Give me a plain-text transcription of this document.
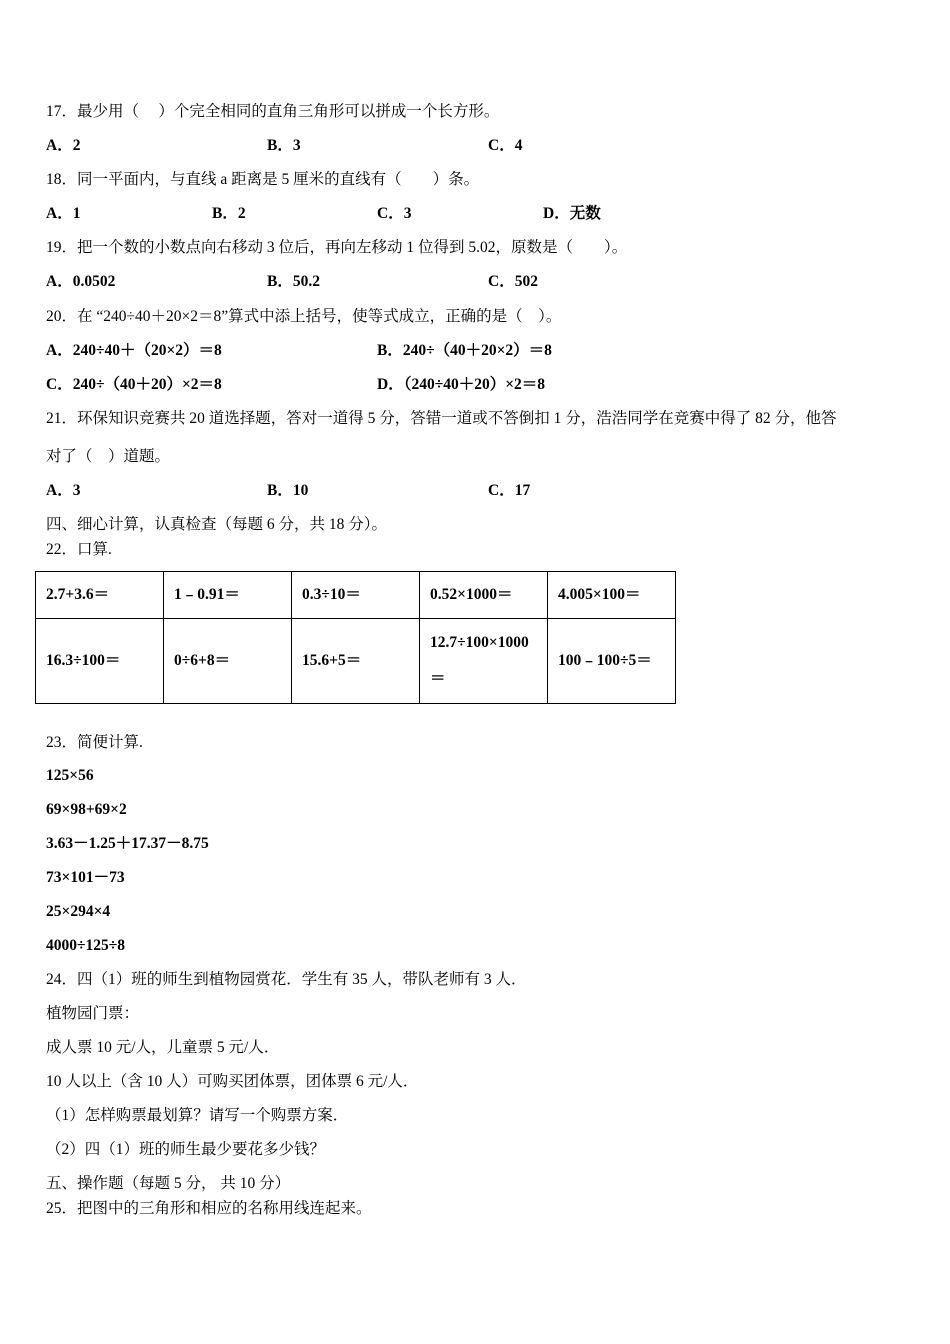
17．最少用（　 ）个完全相同的直角三角形可以拼成一个长方形。
A．2	B．3	C．4
18．同一平面内，与直线 a 距离是 5 厘米的直线有（　　）条。
A．1	B．2	C．3	D．无数
19．把一个数的小数点向右移动 3 位后，再向左移动 1 位得到 5.02，原数是（　　）。
A．0.0502	B．50.2	C．502
20．在 “240÷40＋20×2＝8”算式中添上括号，使等式成立，正确的是（　）。
A．240÷40＋（20×2）＝8	B．240÷（40＋20×2）＝8
C．240÷（40＋20）×2＝8	D．（240÷40＋20）×2＝8
21．环保知识竞赛共 20 道选择题，答对一道得 5 分，答错一道或不答倒扣 1 分，浩浩同学在竞赛中得了 82 分，他答
对了（　）道题。
A．3	B．10	C．17
四、细心计算，认真检查（每题 6 分，共 18 分）。
22．口算.
2.7+3.6＝	1﹣0.91＝	0.3÷10＝	0.52×1000＝	4.005×100＝
16.3÷100＝	0÷6+8＝	15.6+5＝	12.7÷100×1000
＝	100﹣100÷5＝
23．简便计算.
125×56
69×98+69×2
3.63－1.25＋17.37－8.75
73×101－73
25×294×4
4000÷125÷8
24．四（1）班的师生到植物园赏花．学生有 35 人，带队老师有 3 人．
植物园门票：
成人票 10 元/人，儿童票 5 元/人．
10 人以上（含 10 人）可购买团体票，团体票 6 元/人．
（1）怎样购票最划算？请写一个购票方案．
（2）四（1）班的师生最少要花多少钱？
五、操作题（每题 5 分， 共 10 分）
25．把图中的三角形和相应的名称用线连起来。
